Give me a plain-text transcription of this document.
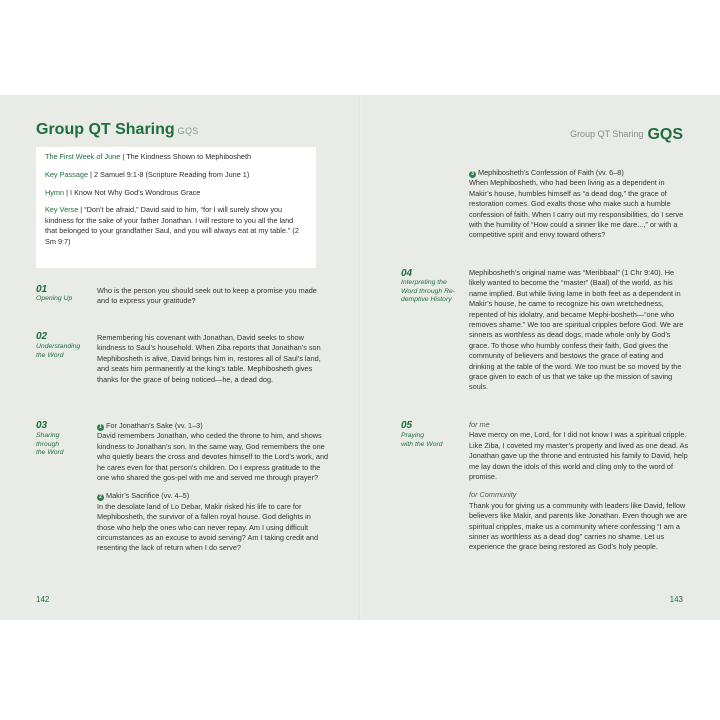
Group QT Sharing GQS

The First Week of June | The Kindness Shown to Mephibosheth

Key Passage | 2 Samuel 9:1-8 (Scripture Reading from June 1)

Hymn | I Know Not Why God’s Wondrous Grace

Key Verse | “Don’t be afraid,” David said to him, “for I will surely show you kindness for the sake of your father Jonathan. I will restore to you all the land that belonged to your grandfather Saul, and you will always eat at my table.” (2 Sm 9:7)

01
Opening Up
Who is the person you should seek out to keep a promise you made and to express your gratitude?
02
Understanding
the Word
Remembering his covenant with Jonathan, David seeks to show kindness to Saul’s household. When Ziba reports that Jonathan’s son Mephibosheth is alive, David brings him in, restores all of Saul’s land, and seats him permanently at the king’s table. Mephibosheth gives thanks for the grace of being noticed—he, a dead dog.
03
Sharing
through
the Word

1 For Jonathan’s Sake (vv. 1–3)

David remembers Jonathan, who ceded the throne to him, and shows kindness to Jonathan’s son. In the same way, God remembers the one who quietly bears the cross and devotes himself to the Lord’s work, and he cares even for that person’s children. Do I express gratitude to the one who shared the gos-pel with me and served me through prayer?

2 Makir’s Sacrifice (vv. 4–5)

In the desolate land of Lo Debar, Makir risked his life to care for Mephibosheth, the survivor of a fallen royal house. God delights in those who help the ones who can never repay. Am I using difficult circumstances as an excuse to avoid serving? Am I taking credit and resenting the lack of return when I do serve?

142
Group QT Sharing GQS

3 Mephibosheth’s Confession of Faith (vv. 6–8)

When Mephibosheth, who had been living as a dependent in Makir’s house, humbles himself as “a dead dog,” the grace of restoration comes. God exalts those who make such a humble confession of faith. When I carry out my responsibilities, do I serve with the humility of “How could a sinner like me dare...,” or with a competitive spirit and envy toward others?

04
Interpreting the
Word through Re-
demptive History
Mephibosheth’s original name was “Meribbaal” (1 Chr 9:40). He likely wanted to become the “master” (Baal) of the world, as his name implied. But while living lame in both feet as a dependent in Makir’s house, he came to recognize his own wretchedness, repented of his idolatry, and became Mephi-bosheth—“one who removes shame.” We too are spiritual cripples before God. We are sinners as worthless as dead dogs, made whole only by God’s grace. To those who humbly confess their faith, God gives the community of believers and bestows the grace of eating and drinking at the table of the word. We too must be so moved by the grace given to each of us that we take up the mission of saving souls.
05
Praying
with the Word

for me

Have mercy on me, Lord, for I did not know I was a spiritual cripple. Like Ziba, I coveted my master’s property and lived as one dead. As Jonathan gave up the throne and entrusted his family to David, help me lay down the idols of this world and cling only to the word of promise.

for Community

Thank you for giving us a community with leaders like David, fellow believers like Makir, and parents like Jonathan. Even though we are spiritual cripples, make us a community where confessing “I am a sinner as worthless as a dead dog” carries no shame. Let us experience the grace being restored as God’s holy people.

143
